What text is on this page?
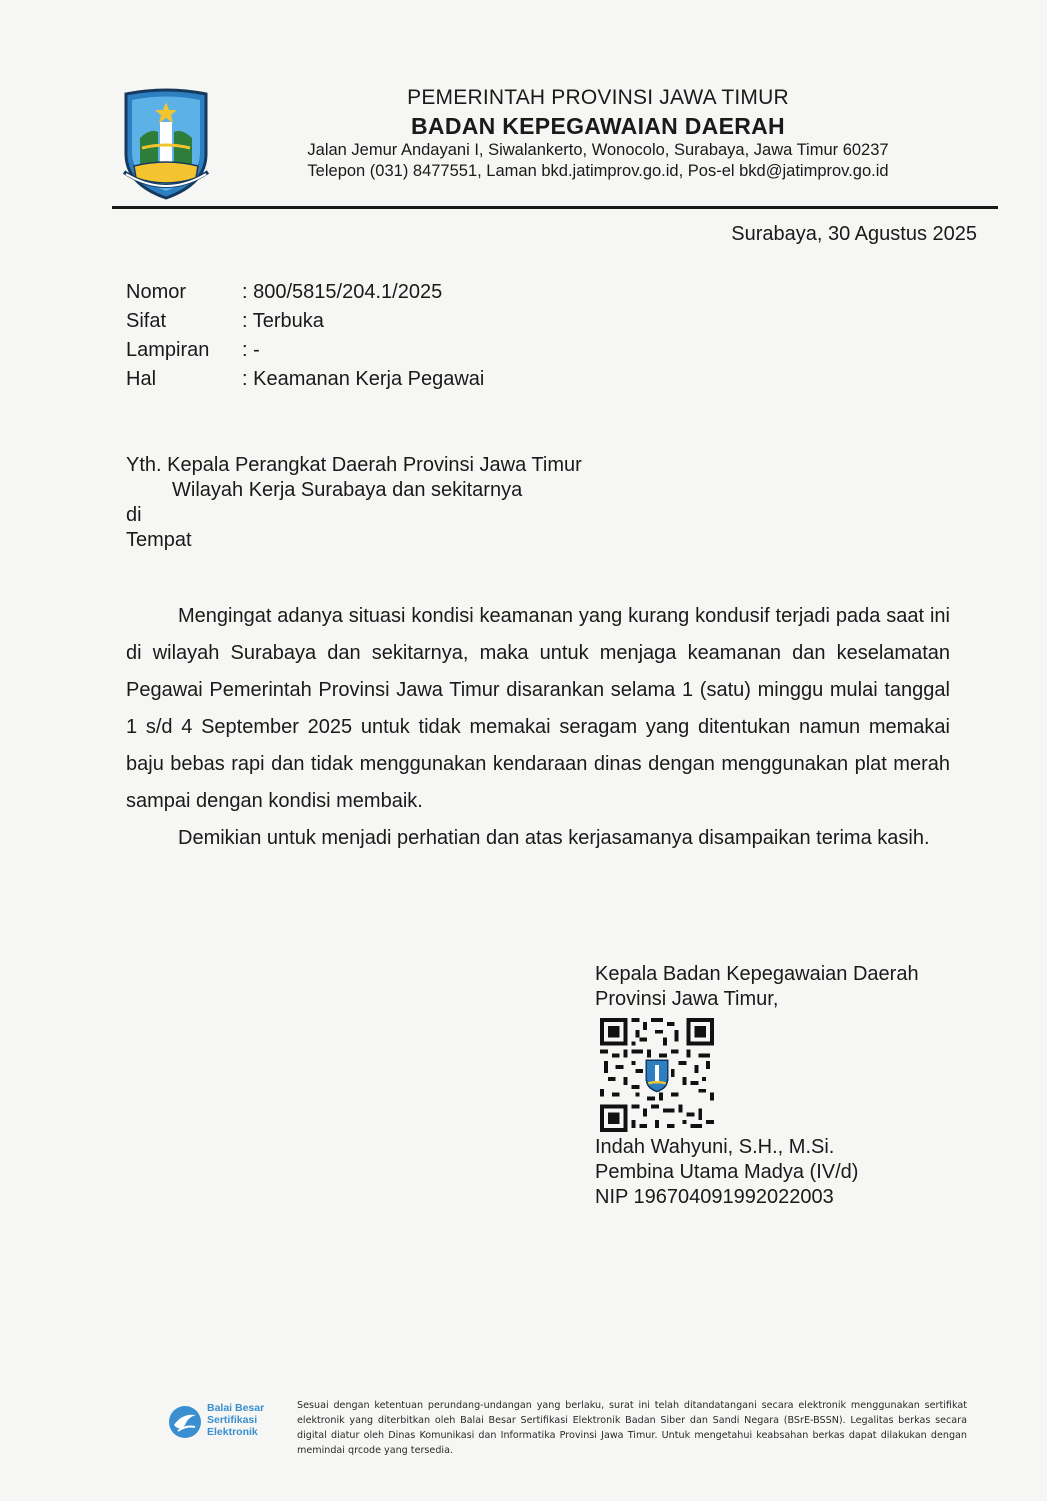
PEMERINTAH PROVINSI JAWA TIMUR
BADAN KEPEGAWAIAN DAERAH
Jalan Jemur Andayani I, Siwalankerto, Wonocolo, Surabaya, Jawa Timur 60237
Telepon (031) 8477551, Laman bkd.jatimprov.go.id, Pos-el bkd@jatimprov.go.id
Surabaya, 30 Agustus 2025
Nomor	: 800/5815/204.1/2025
Sifat	: Terbuka
Lampiran	: -
Hal	: Keamanan Kerja Pegawai
Yth. Kepala Perangkat Daerah Provinsi Jawa Timur
Wilayah Kerja Surabaya dan sekitarnya
di
Tempat

Mengingat adanya situasi kondisi keamanan yang kurang kondusif terjadi pada saat ini di wilayah Surabaya dan sekitarnya, maka untuk menjaga keamanan dan keselamatan Pegawai Pemerintah Provinsi Jawa Timur disarankan selama 1 (satu) minggu mulai tanggal 1 s/d 4 September 2025 untuk tidak memakai seragam yang ditentukan namun memakai baju bebas rapi dan tidak menggunakan kendaraan dinas dengan menggunakan plat merah sampai dengan kondisi membaik.

Demikian untuk menjadi perhatian dan atas kerjasamanya disampaikan terima kasih.

Kepala Badan Kepegawaian Daerah
Provinsi Jawa Timur,
Indah Wahyuni, S.H., M.Si.
Pembina Utama Madya (IV/d)
NIP 196704091992022003
Balai Besar
Sertifikasi
Elektronik
Sesuai dengan ketentuan perundang-undangan yang berlaku, surat ini telah ditandatangani secara elektronik menggunakan sertifikat elektronik yang diterbitkan oleh Balai Besar Sertifikasi Elektronik Badan Siber dan Sandi Negara (BSrE-BSSN). Legalitas berkas secara digital diatur oleh Dinas Komunikasi dan Informatika Provinsi Jawa Timur. Untuk mengetahui keabsahan berkas dapat dilakukan dengan memindai qrcode yang tersedia.
